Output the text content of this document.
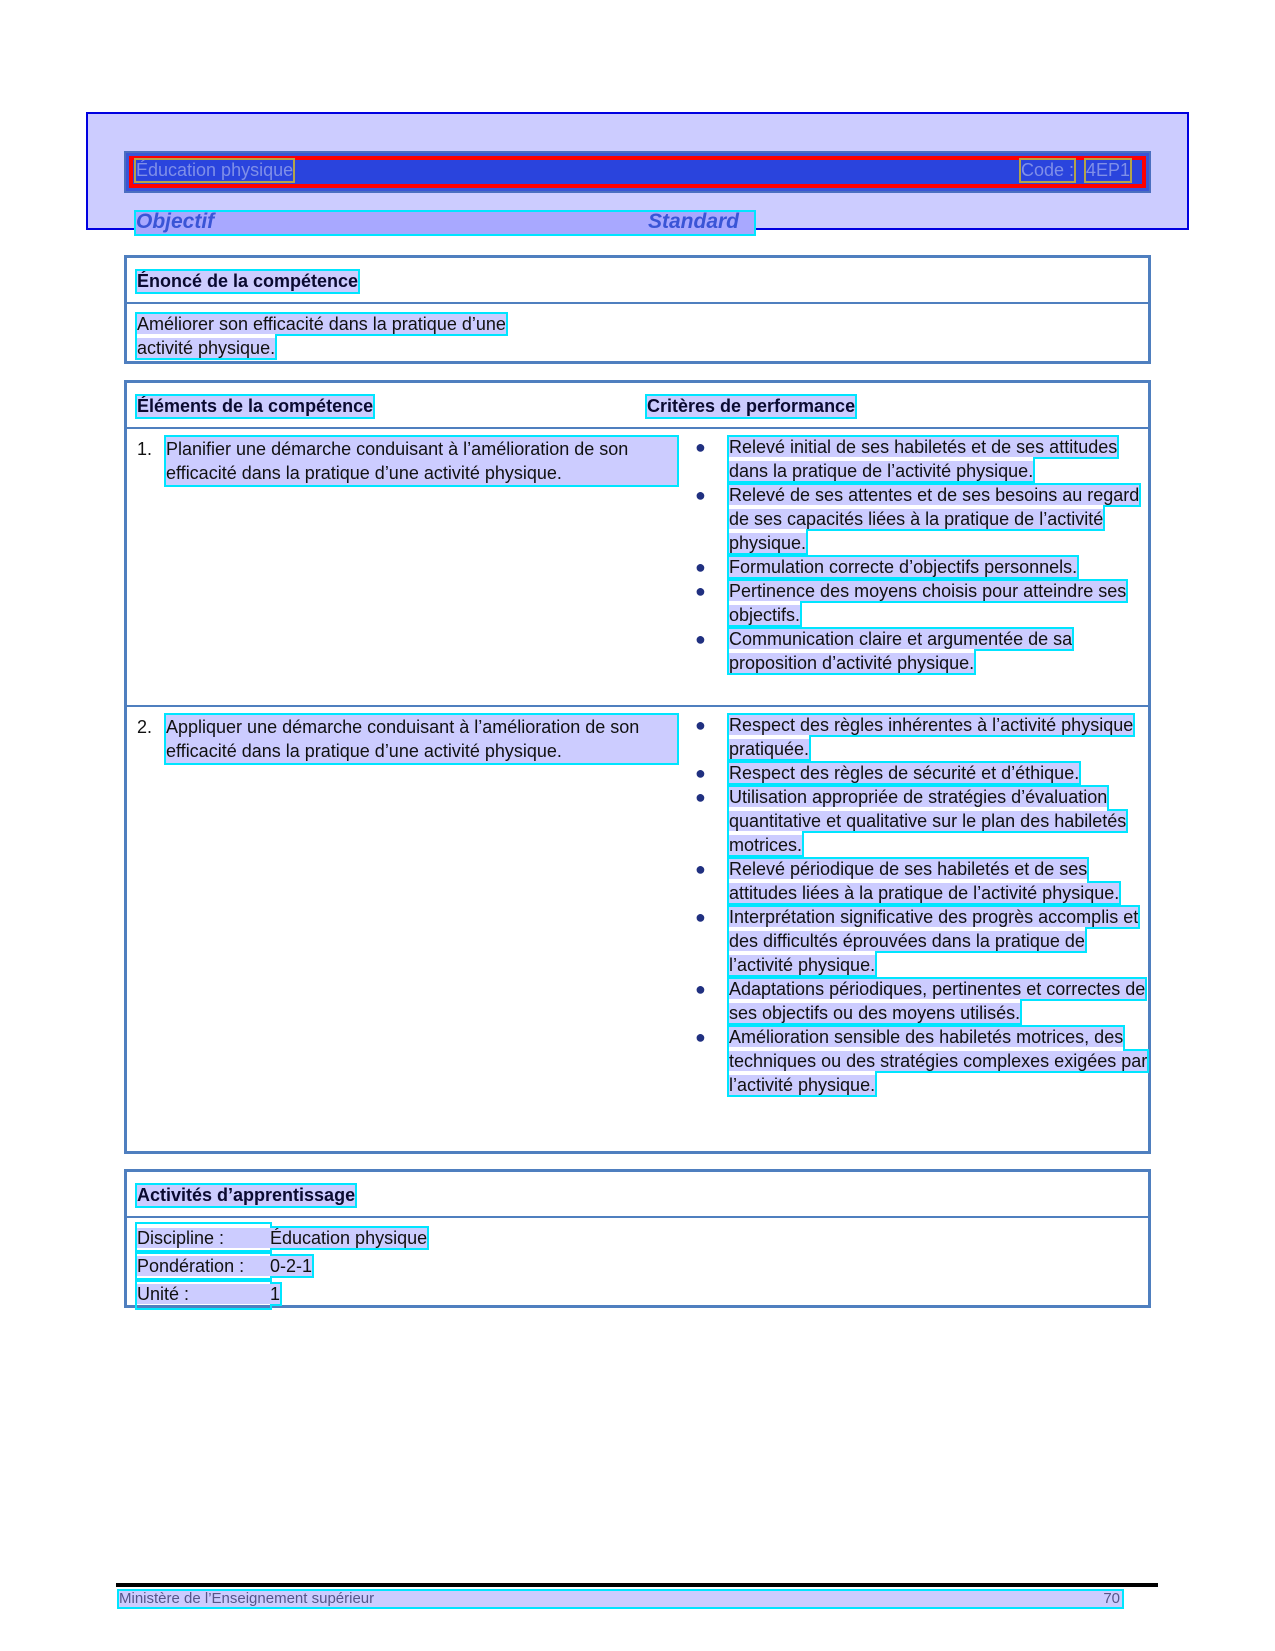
Éducation physique	Code : 4EP1
Objectif	Standard
Énoncé de la compétence
Améliorer son efficacité dans la pratique d’une activité physique.
Éléments de la compétence	Critères de performance
1. Planifier une démarche conduisant à l’amélioration de son efficacité dans la pratique d’une activité physique.
● Relevé initial de ses habiletés et de ses attitudes dans la pratique de l’activité physique.
● Relevé de ses attentes et de ses besoins au regard de ses capacités liées à la pratique de l’activité physique.
● Formulation correcte d’objectifs personnels.
● Pertinence des moyens choisis pour atteindre ses objectifs.
● Communication claire et argumentée de sa proposition d’activité physique.
2. Appliquer une démarche conduisant à l’amélioration de son efficacité dans la pratique d’une activité physique.
● Respect des règles inhérentes à l’activité physique pratiquée.
● Respect des règles de sécurité et d’éthique.
● Utilisation appropriée de stratégies d’évaluation quantitative et qualitative sur le plan des habiletés motrices.
● Relevé périodique de ses habiletés et de ses attitudes liées à la pratique de l’activité physique.
● Interprétation significative des progrès accomplis et des difficultés éprouvées dans la pratique de l’activité physique.
● Adaptations périodiques, pertinentes et correctes de ses objectifs ou des moyens utilisés.
● Amélioration sensible des habiletés motrices, des techniques ou des stratégies complexes exigées par l’activité physique.
Activités d’apprentissage
Discipline :	Éducation physique
Pondération : 0-2-1
Unité :	1
Ministère de l’Enseignement supérieur	70
